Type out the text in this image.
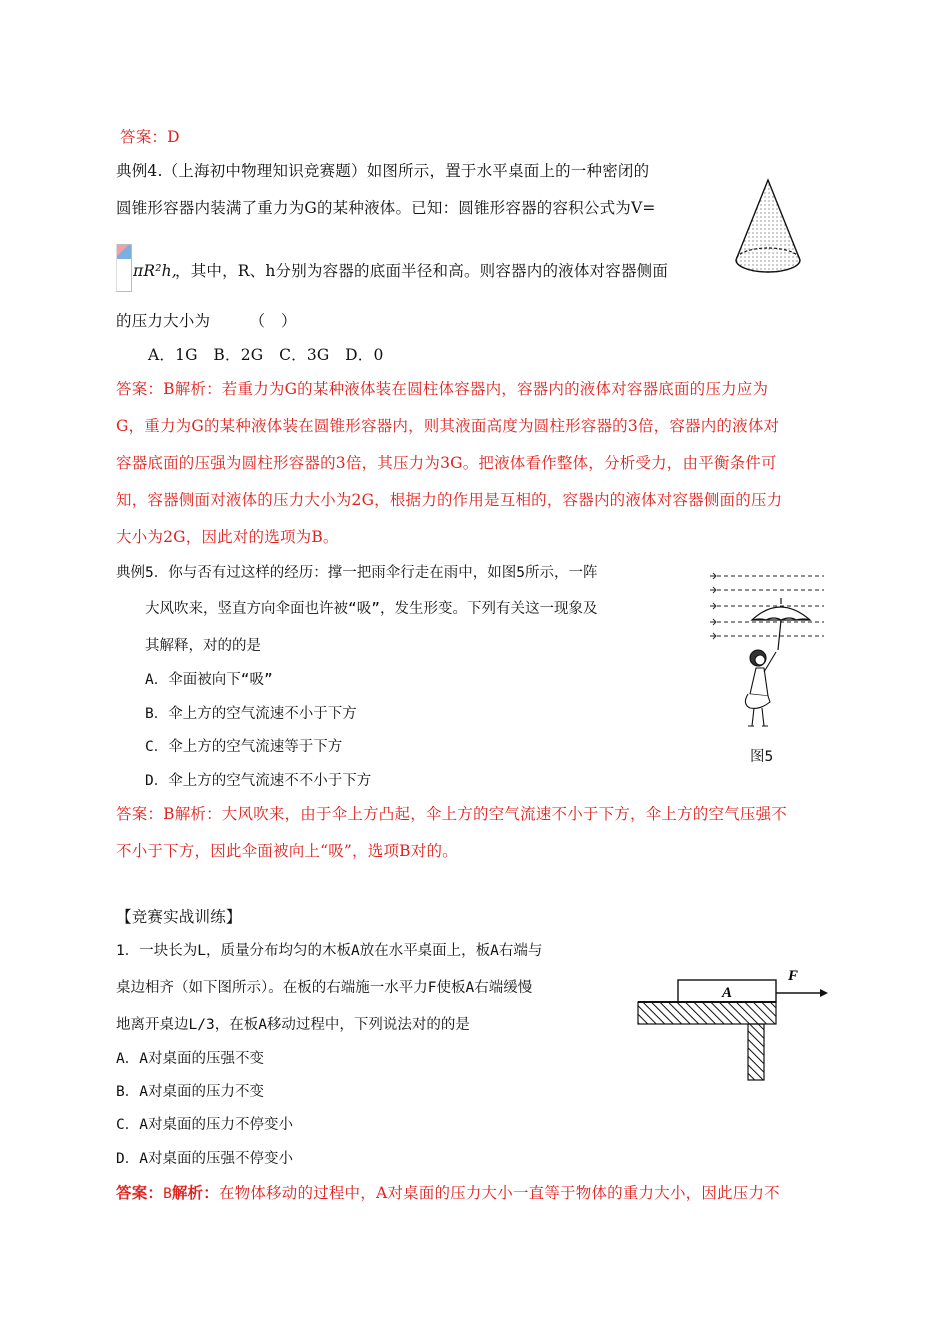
答案：D
典例4.（上海初中物理知识竞赛题）如图所示，置于水平桌面上的一种密闭的
圆锥形容器内装满了重力为G的某种液体。已知：圆锥形容器的容积公式为V=
πR²h,
，其中，R、h分别为容器的底面半径和高。则容器内的液体对容器侧面
的压力大小为　　　（　）
A．1G　B．2G　C．3G　D．0
答案：B解析：若重力为G的某种液体装在圆柱体容器内，容器内的液体对容器底面的压力应为
G，重力为G的某种液体装在圆锥形容器内，则其液面高度为圆柱形容器的3倍，容器内的液体对
容器底面的压强为圆柱形容器的3倍，其压力为3G。把液体看作整体，分析受力，由平衡条件可
知，容器侧面对液体的压力大小为2G，根据力的作用是互相的，容器内的液体对容器侧面的压力
大小为2G，因此对的选项为B。
典例5．你与否有过这样的经历：撑一把雨伞行走在雨中，如图5所示，一阵
大风吹来，竖直方向伞面也许被“吸”，发生形变。下列有关这一现象及
其解释，对的的是
A．伞面被向下“吸”
B．伞上方的空气流速不小于下方
C．伞上方的空气流速等于下方
D．伞上方的空气流速不不小于下方
图5
答案：B解析：大风吹来，由于伞上方凸起，伞上方的空气流速不小于下方，伞上方的空气压强不
不小于下方，因此伞面被向上“吸”，选项B对的。
【竞赛实战训练】
1．一块长为L，质量分布均匀的木板A放在水平桌面上，板A右端与
桌边相齐（如下图所示）。在板的右端施一水平力F使板A右端缓慢
地离开桌边L/3，在板A移动过程中，下列说法对的的是
A．A对桌面的压强不变
B．A对桌面的压力不变
C．A对桌面的压力不停变小
D．A对桌面的压强不停变小
A
F
答案：B解析：在物体移动的过程中，A对桌面的压力大小一直等于物体的重力大小，因此压力不
